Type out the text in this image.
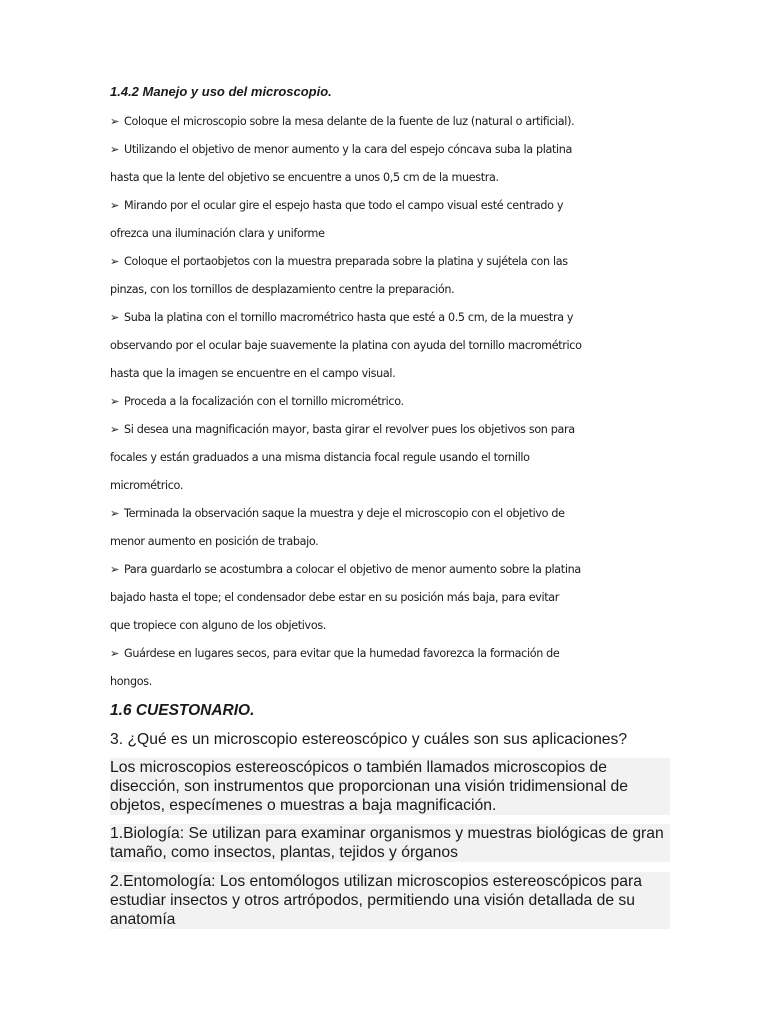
1.4.2 Manejo y uso del microscopio.
➢ Coloque el microscopio sobre la mesa delante de la fuente de luz (natural o artificial).
➢ Utilizando el objetivo de menor aumento y la cara del espejo cóncava suba la platina
hasta que la lente del objetivo se encuentre a unos 0,5 cm de la muestra.
➢ Mirando por el ocular gire el espejo hasta que todo el campo visual esté centrado y
ofrezca una iluminación clara y uniforme
➢ Coloque el portaobjetos con la muestra preparada sobre la platina y sujételа con las
pinzas, con los tornillos de desplazamiento centre la preparación.
➢ Suba la platina con el tornillo macrométrico hasta que esté a 0.5 cm, de la muestra y
observando por el ocular baje suavemente la platina con ayuda del tornillo macrométrico
hasta que la imagen se encuentre en el campo visual.
➢ Proceda a la focalización con el tornillo micrométrico.
➢ Si desea una magnificación mayor, basta girar el revolver pues los objetivos son para
focales y están graduados a una misma distancia focal regule usando el tornillo
micrométrico.
➢ Terminada la observación saque la muestra y deje el microscopio con el objetivo de
menor aumento en posición de trabajo.
➢ Para guardarlo se acostumbra a colocar el objetivo de menor aumento sobre la platina
bajado hasta el tope; el condensador debe estar en su posición más baja, para evitar
que tropiece con alguno de los objetivos.
➢ Guárdese en lugares secos, para evitar que la humedad favorezca la formación de
hongos.
1.6 CUESTONARIO.
3. ¿Qué es un microscopio estereoscópico y cuáles son sus aplicaciones?
Los microscopios estereoscópicos o también llamados microscopios de disección, son instrumentos que proporcionan una visión tridimensional de objetos, especímenes o muestras a baja magnificación.
1.Biología: Se utilizan para examinar organismos y muestras biológicas de gran tamaño, como insectos, plantas, tejidos y órganos
2.Entomología: Los entomólogos utilizan microscopios estereoscópicos para estudiar insectos y otros artrópodos, permitiendo una visión detallada de su anatomía
